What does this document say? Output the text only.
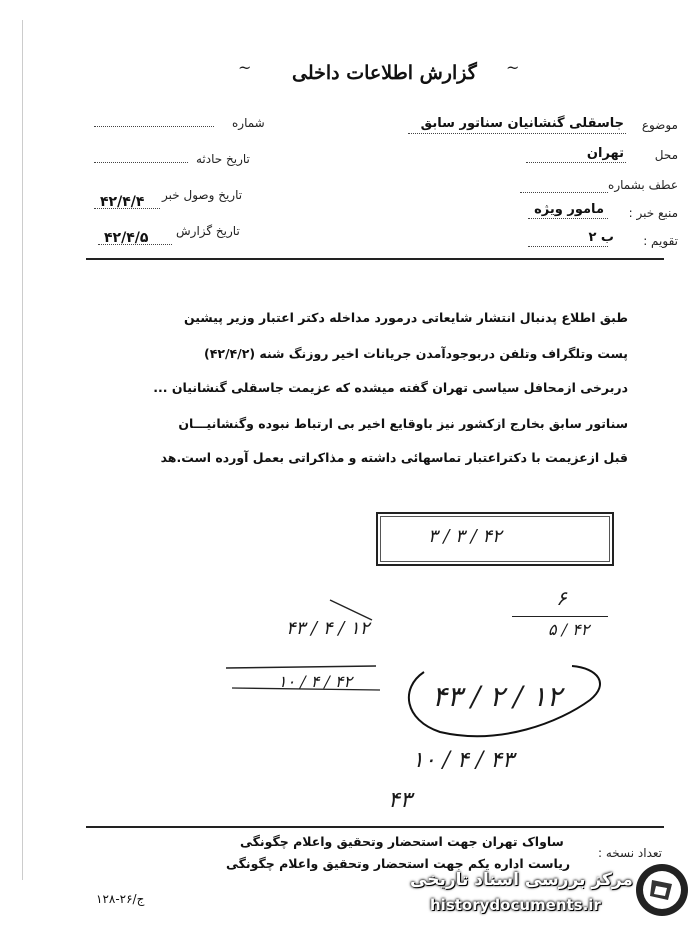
~	~
گزارش اطلاعات داخلی
موضوع
جاسقلی گنشانیان سناتور سابق
محل
تهران
عطف بشماره
منبع خبر :
مامور ویژه
تقویم :
ب ۲
شماره
تاریخ حادثه
تاریخ وصول خبر
۴۲/۴/۴
تاریخ گزارش
۴۲/۴/۵
طبق اطلاع پدنبال انتشار شایعاتی درمورد مداخله دکتر اعتبار وزیر پیشین
پست وتلگراف وتلفن دربوجودآمدن جریانات اخیر روزنگ شنه (۴۲/۴/۲)
دربرخی ازمحافل سیاسی تهران گفته میشده که عزیمت جاسقلی گنشانیان ...
سناتور سابق بخارج ازکشور نیز باوقایع اخیر بی ارتباط نبوده وگنشانیـــان
قبل ازعزیمت با دکتراعتبار تماسهائی داشته و مذاکراتی بعمل آورده است.هد
۳ / ۳ / ۴۲
۶
۵ / ۴۲
۴۳ / ۴ / ۱۲
۱۰ / ۴ / ۴۲	۴۳ / ۲ / ۱۲
۱۰ / ۴ / ۴۳
۴۳
تعداد نسخه :
ساواک تهران جهت استحضار وتحقیق واعلام چگونگی
ریاست اداره یکم جهت استحضار وتحقیق واعلام چگونگی
۱۲۸-۲۶/ج
مرکز بررسی اسناد تاریخی
historydocuments.ir
